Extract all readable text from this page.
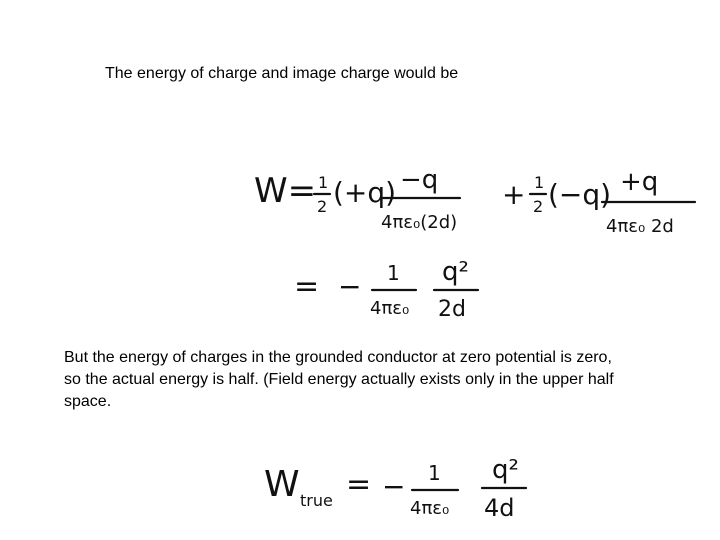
The energy of charge and image charge would be
W= 1
2 (+q) −q
4πε₀(2d)
+ 1
2 (−q) +q
4πε₀ 2d
= − 1
4πε₀
q²
2d
But the energy of charges in the grounded conductor at zero potential is zero,
so the actual energy is half. (Field energy actually exists only in the upper half
space.
W true = − 1
4πε₀
q²
4d
